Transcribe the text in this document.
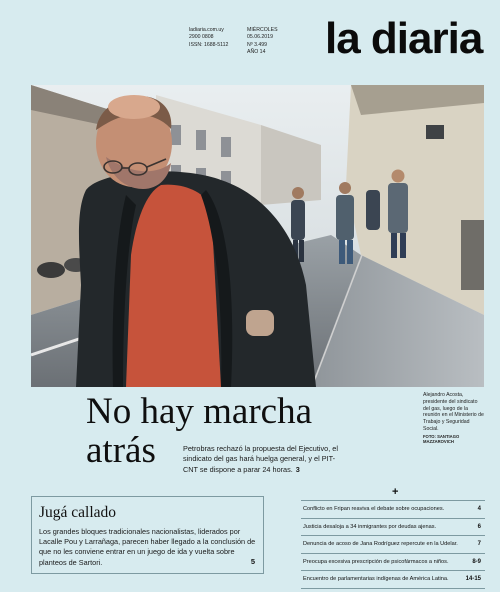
ladiaria.com.uy
2900 0808
ISSN: 1688-5112
MIÉRCOLES
05.06.2019
Nº 3.499
AÑO 14 la diaria
No hay marcha
atrás	Petrobras rechazó la propuesta del Ejecutivo, el sindicato del gas hará huelga general, y el PIT-CNT se dispone a parar 24 horas. 3
Alejandro Acosta, presidente del sindicato del gas, luego de la reunión en el Ministerio de Trabajo y Seguridad Social.
FOTO: SANTIAGO MAZZAROVICH
Jugá callado
Los grandes bloques tradicionales nacionalistas, liderados por Lacalle Pou y Larrañaga, parecen haber llegado a la conclusión de que no les conviene entrar en un juego de ida y vuelta sobre planteos de Sartori.	5
+
Conflicto en Fripan reaviva el debate sobre ocupaciones.	4
Justicia desaloja a 34 inmigrantes por deudas ajenas.	6
Denuncia de acoso de Jana Rodríguez repercute en la Udelar.	7
Preocupa excesiva prescripción de psicofármacos a niños.	8-9
Encuentro de parlamentarias indígenas de América Latina.	14-15
